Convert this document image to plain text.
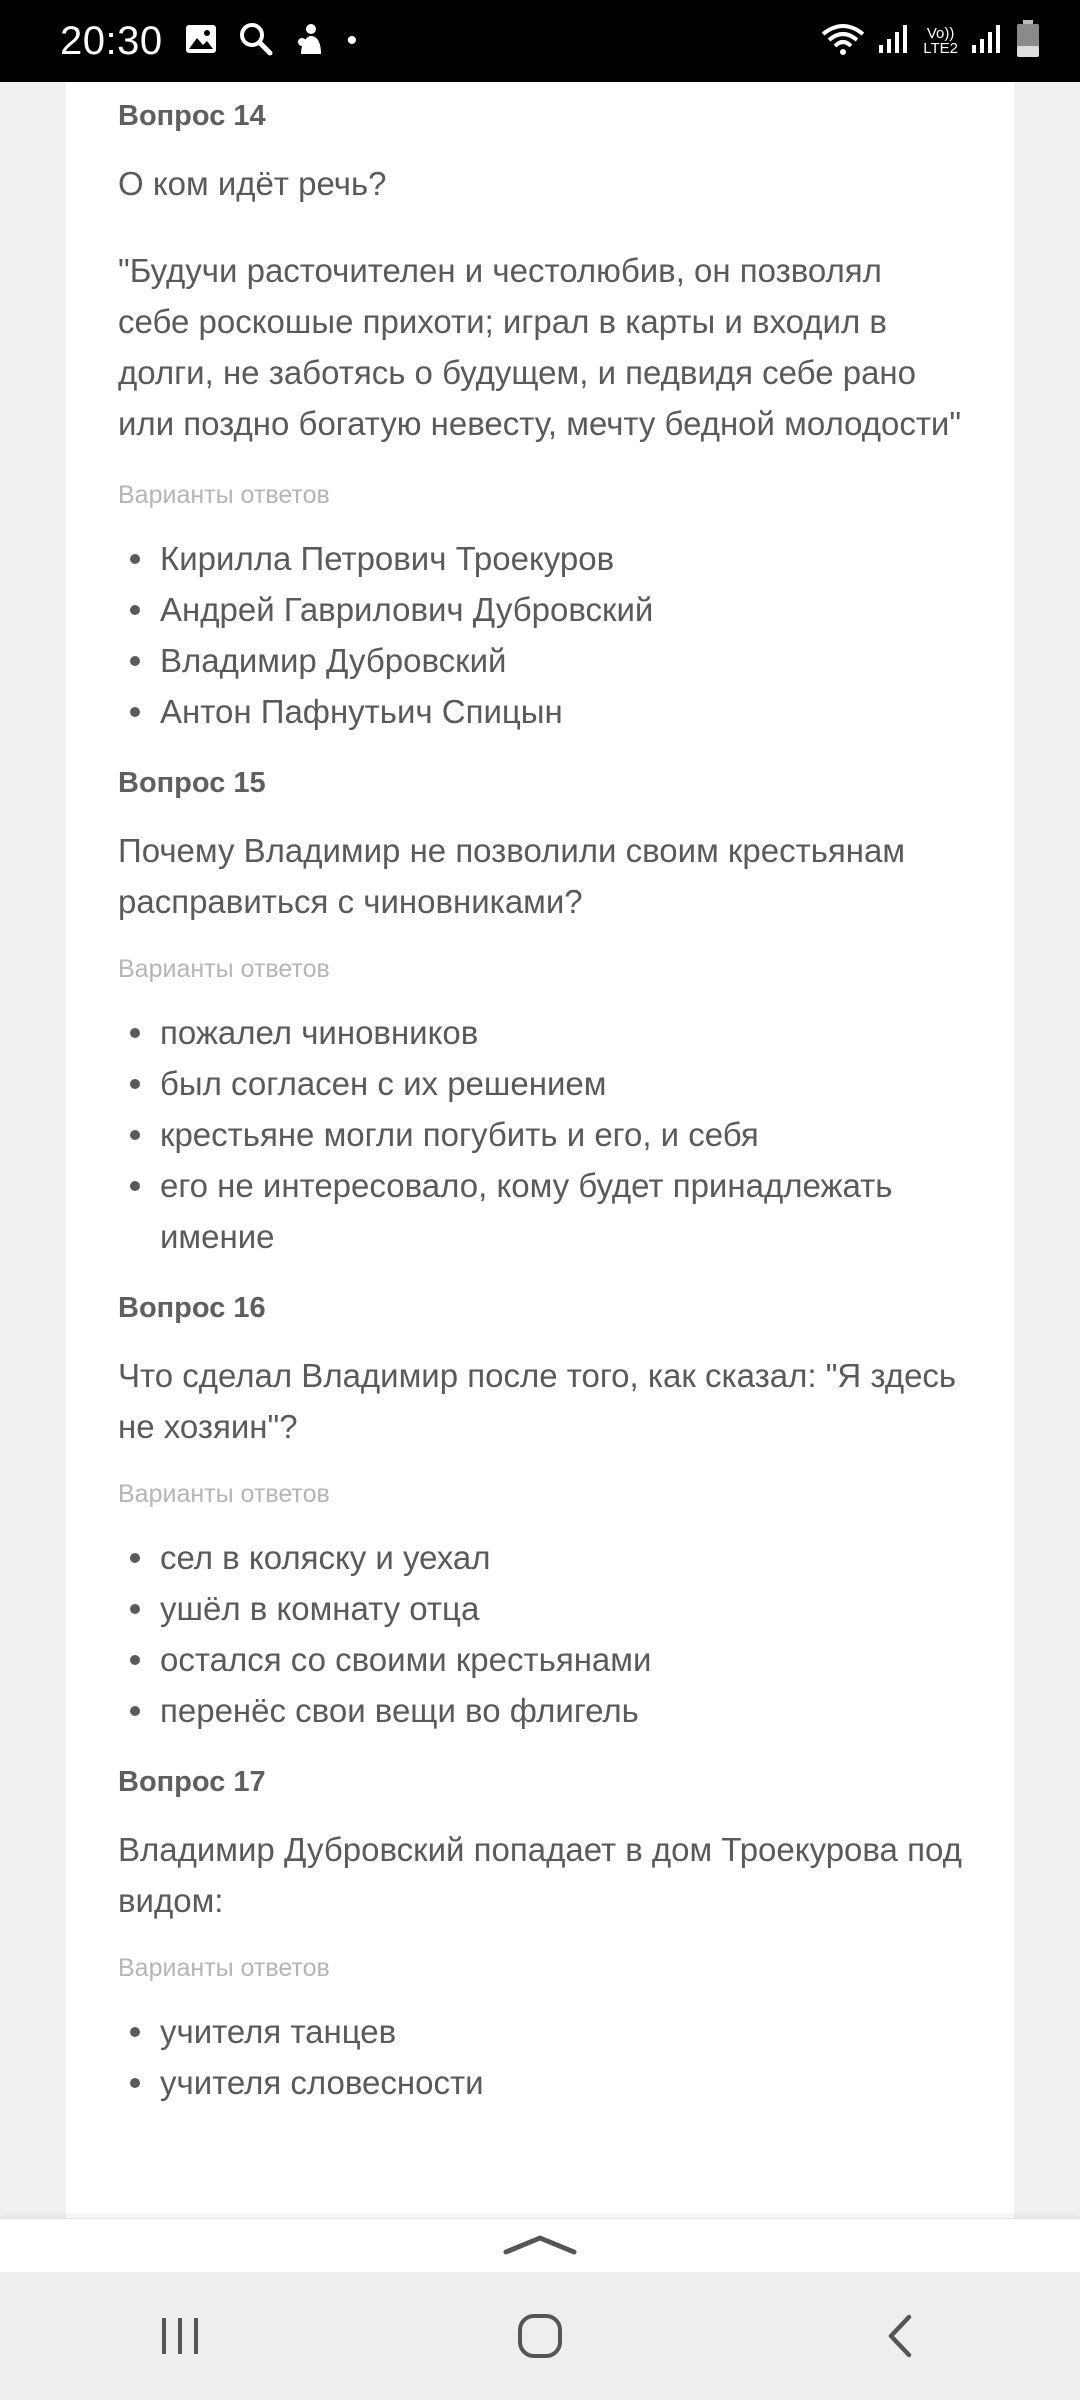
20:30	•	Vo))
LTE2
Вопрос 14
О ком идёт речь?
"Будучи расточителен и честолюбив, он позволял себе роскошые прихоти; играл в карты и входил в долги, не заботясь о будущем, и педвидя себе рано или поздно богатую невесту, мечту бедной молодости"
Варианты ответов
Кирилла Петрович Троекуров
Андрей Гаврилович Дубровский
Владимир Дубровский
Антон Пафнутьич Спицын
Вопрос 15
Почему Владимир не позволили своим крестьянам расправиться с чиновниками?
Варианты ответов
пожалел чиновников
был согласен с их решением
крестьяне могли погубить и его, и себя
его не интересовало, кому будет принадлежать имение
Вопрос 16
Что сделал Владимир после того, как сказал: "Я здесь не хозяин"?
Варианты ответов
сел в коляску и уехал
ушёл в комнату отца
остался со своими крестьянами
перенёс свои вещи во флигель
Вопрос 17
Владимир Дубровский попадает в дом Троекурова под видом:
Варианты ответов
учителя танцев
учителя словесности
